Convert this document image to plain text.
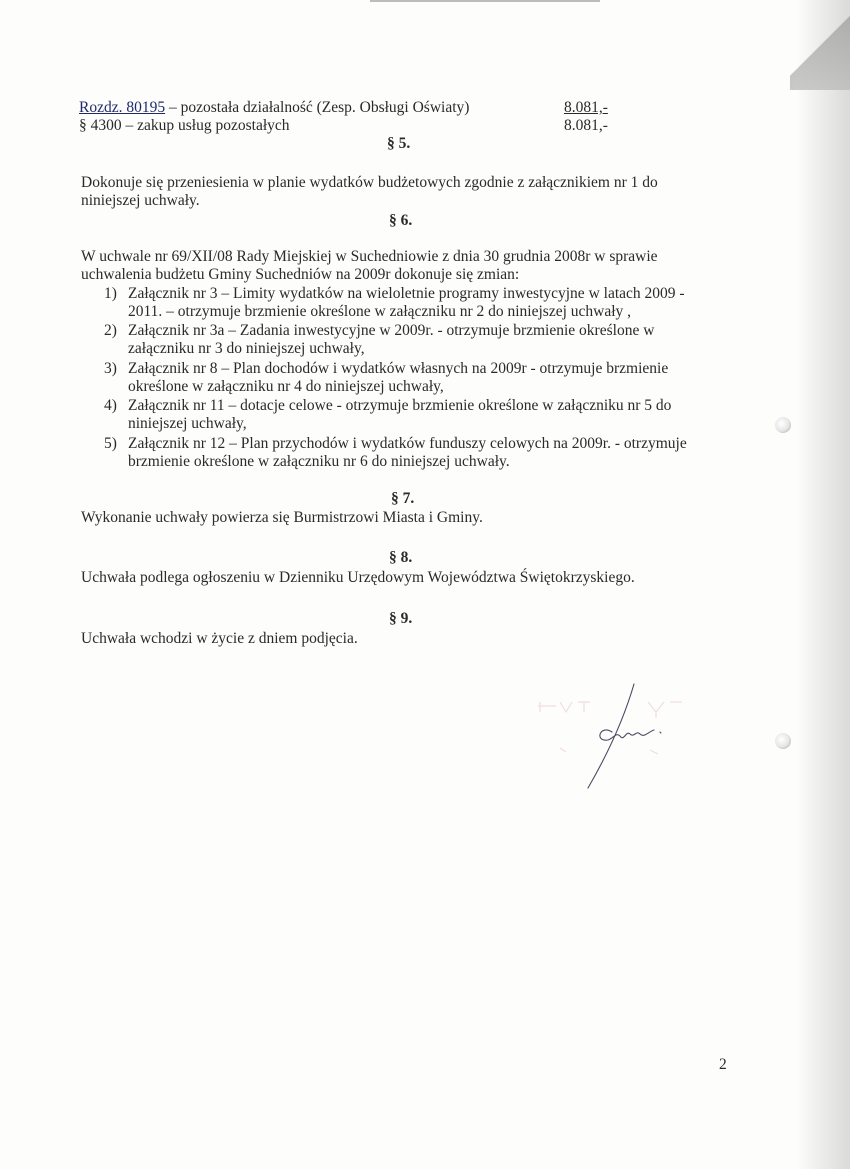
Rozdz. 80195 – pozostała działalność (Zesp. Obsługi Oświaty)	8.081,-
§ 4300 – zakup usług pozostałych	8.081,-
§ 5.
Dokonuje się przeniesienia w planie wydatków budżetowych zgodnie z załącznikiem nr 1 do
niniejszej uchwały.
§ 6.
W uchwale nr 69/XII/08 Rady Miejskiej w Suchedniowie z dnia 30 grudnia 2008r w sprawie
uchwalenia budżetu Gminy Suchedniów na 2009r dokonuje się zmian:
1) Załącznik nr 3 – Limity wydatków na wieloletnie programy inwestycyjne w latach 2009 -
2011. – otrzymuje brzmienie określone w załączniku nr 2 do niniejszej uchwały ,
2) Załącznik nr 3a – Zadania inwestycyjne w 2009r. - otrzymuje brzmienie określone w
załączniku nr 3 do niniejszej uchwały,
3) Załącznik nr 8 – Plan dochodów i wydatków własnych na 2009r - otrzymuje brzmienie
określone w załączniku nr 4 do niniejszej uchwały,
4) Załącznik nr 11 – dotacje celowe - otrzymuje brzmienie określone w załączniku nr 5 do
niniejszej uchwały,
5) Załącznik nr 12 – Plan przychodów i wydatków funduszy celowych na 2009r. - otrzymuje
brzmienie określone w załączniku nr 6 do niniejszej uchwały.
§ 7.
Wykonanie uchwały powierza się Burmistrzowi Miasta i Gminy.
§ 8.
Uchwała podlega ogłoszeniu w Dzienniku Urzędowym Województwa Świętokrzyskiego.
§ 9.
Uchwała wchodzi w życie z dniem podjęcia.
2
